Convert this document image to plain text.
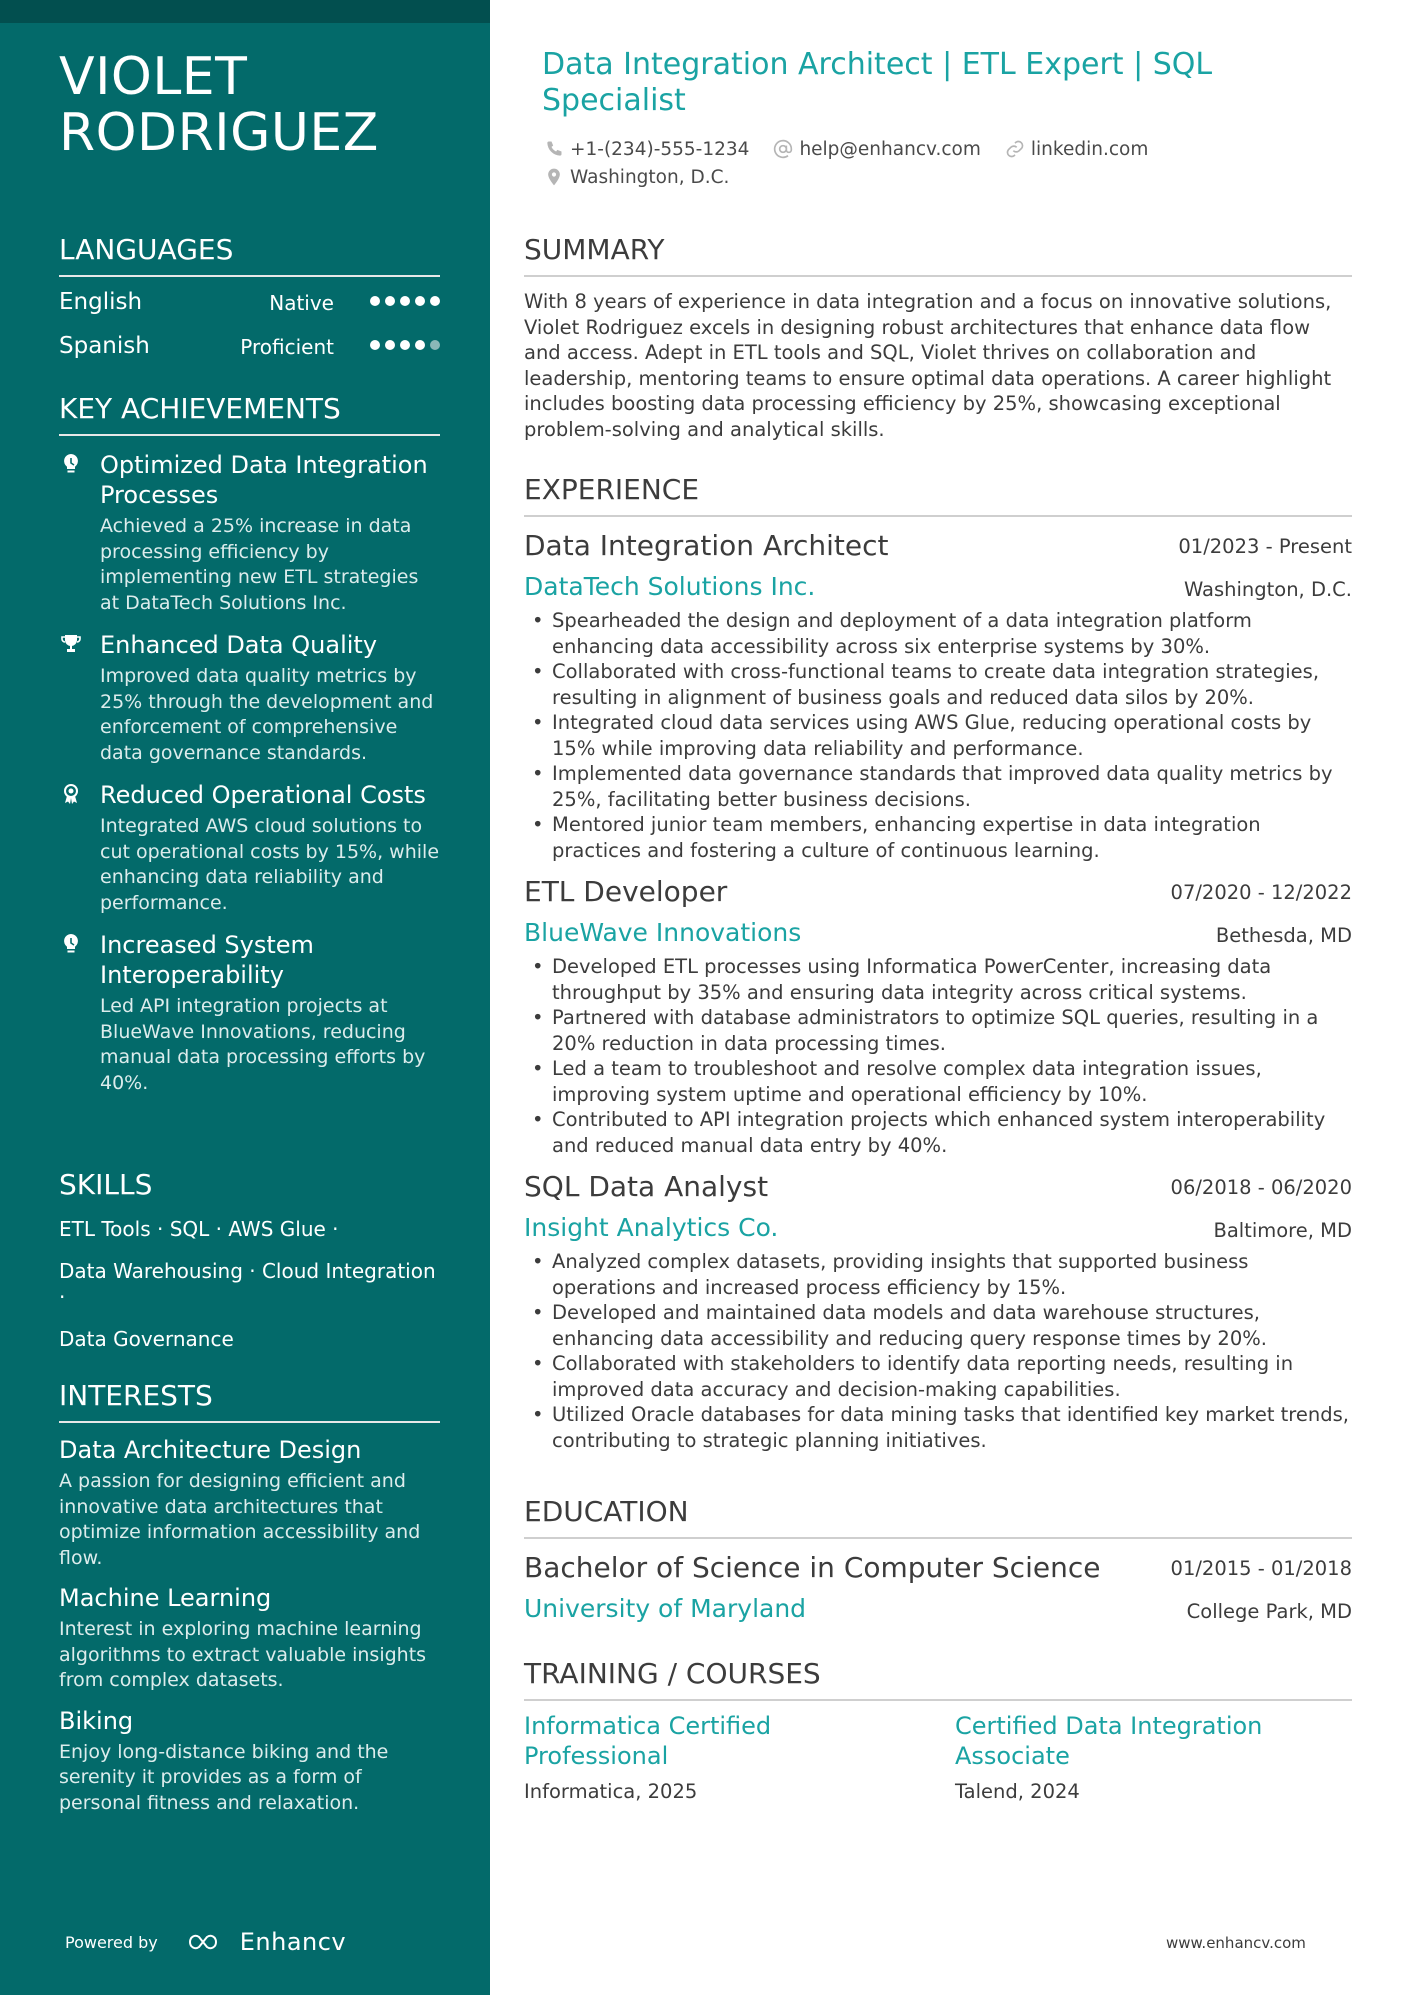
VIOLET RODRIGUEZ
LANGUAGES
English	Native
Spanish	Proficient
KEY ACHIEVEMENTS
Optimized Data Integration Processes
Achieved a 25% increase in data processing efficiency by implementing new ETL strategies at DataTech Solutions Inc.
Enhanced Data Quality
Improved data quality metrics by 25% through the development and enforcement of comprehensive data governance standards.
Reduced Operational Costs
Integrated AWS cloud solutions to cut operational costs by 15%, while enhancing data reliability and performance.
Increased System Interoperability
Led API integration projects at BlueWave Innovations, reducing manual data processing efforts by 40%.
SKILLS
ETL Tools · SQL · AWS Glue ·
Data Warehousing · Cloud Integration ·
Data Governance
INTERESTS
Data Architecture Design
A passion for designing efficient and innovative data architectures that optimize information accessibility and flow.
Machine Learning
Interest in exploring machine learning algorithms to extract valuable insights from complex datasets.
Biking
Enjoy long-distance biking and the serenity it provides as a form of personal fitness and relaxation.
Powered by	Enhancv
Data Integration Architect | ETL Expert | SQL Specialist
+1-(234)-555-1234	help@enhancv.com	linkedin.com
Washington, D.C.
SUMMARY
With 8 years of experience in data integration and a focus on innovative solutions, Violet Rodriguez excels in designing robust architectures that enhance data flow and access. Adept in ETL tools and SQL, Violet thrives on collaboration and leadership, mentoring teams to ensure optimal data operations. A career highlight includes boosting data processing efficiency by 25%, showcasing exceptional problem-solving and analytical skills.
EXPERIENCE
Data Integration Architect	01/2023 - Present
DataTech Solutions Inc.	Washington, D.C.
• Spearheaded the design and deployment of a data integration platform enhancing data accessibility across six enterprise systems by 30%.
• Collaborated with cross-functional teams to create data integration strategies, resulting in alignment of business goals and reduced data silos by 20%.
• Integrated cloud data services using AWS Glue, reducing operational costs by 15% while improving data reliability and performance.
• Implemented data governance standards that improved data quality metrics by 25%, facilitating better business decisions.
• Mentored junior team members, enhancing expertise in data integration practices and fostering a culture of continuous learning.
ETL Developer	07/2020 - 12/2022
BlueWave Innovations	Bethesda, MD
• Developed ETL processes using Informatica PowerCenter, increasing data throughput by 35% and ensuring data integrity across critical systems.
• Partnered with database administrators to optimize SQL queries, resulting in a 20% reduction in data processing times.
• Led a team to troubleshoot and resolve complex data integration issues, improving system uptime and operational efficiency by 10%.
• Contributed to API integration projects which enhanced system interoperability and reduced manual data entry by 40%.
SQL Data Analyst	06/2018 - 06/2020
Insight Analytics Co.	Baltimore, MD
• Analyzed complex datasets, providing insights that supported business operations and increased process efficiency by 15%.
• Developed and maintained data models and data warehouse structures, enhancing data accessibility and reducing query response times by 20%.
• Collaborated with stakeholders to identify data reporting needs, resulting in improved data accuracy and decision-making capabilities.
• Utilized Oracle databases for data mining tasks that identified key market trends, contributing to strategic planning initiatives.
EDUCATION
Bachelor of Science in Computer Science	01/2015 - 01/2018
University of Maryland	College Park, MD
TRAINING / COURSES
Informatica Certified Professional
Informatica, 2025
Certified Data Integration Associate
Talend, 2024
www.enhancv.com
